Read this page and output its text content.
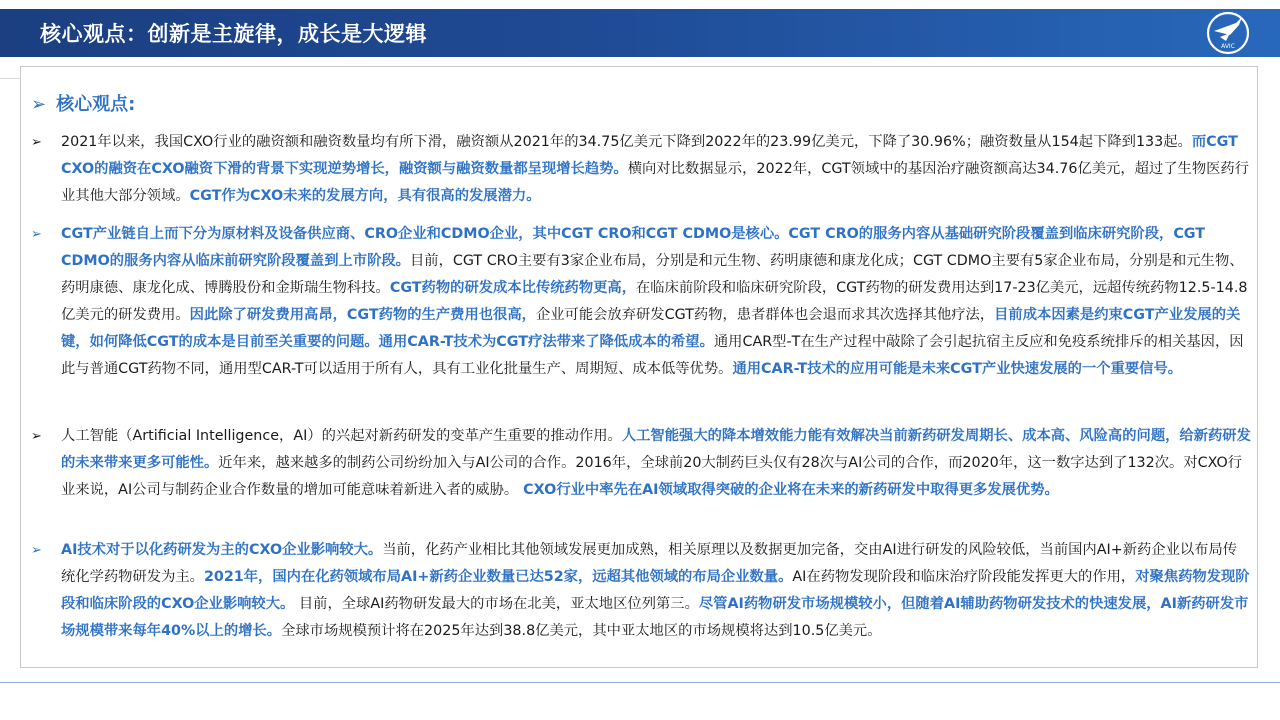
核心观点：创新是主旋律，成长是大逻辑
AVIC
➢ 核心观点:
➢ 2021年以来，我国CXO行业的融资额和融资数量均有所下滑，融资额从2021年的34.75亿美元下降到2022年的23.99亿美元，下降了30.96%；融资数量从154起下降到133起。而CGT CXO的融资在CXO融资下滑的背景下实现逆势增长，融资额与融资数量都呈现增长趋势。横向对比数据显示，2022年，CGT领域中的基因治疗融资额高达34.76亿美元，超过了生物医药行业其他大部分领域。CGT作为CXO未来的发展方向，具有很高的发展潜力。
➢ CGT产业链自上而下分为原材料及设备供应商、CRO企业和CDMO企业，其中CGT CRO和CGT CDMO是核心。CGT CRO的服务内容从基础研究阶段覆盖到临床研究阶段，CGT CDMO的服务内容从临床前研究阶段覆盖到上市阶段。目前，CGT CRO主要有3家企业布局，分别是和元生物、药明康德和康龙化成；CGT CDMO主要有5家企业布局，分别是和元生物、药明康德、康龙化成、博腾股份和金斯瑞生物科技。CGT药物的研发成本比传统药物更高，在临床前阶段和临床研究阶段，CGT药物的研发费用达到17-23亿美元，远超传统药物12.5-14.8亿美元的研发费用。因此除了研发费用高昂，CGT药物的生产费用也很高，企业可能会放弃研发CGT药物，患者群体也会退而求其次选择其他疗法，目前成本因素是约束CGT产业发展的关键，如何降低CGT的成本是目前至关重要的问题。通用CAR-T技术为CGT疗法带来了降低成本的希望。通用CAR型-T在生产过程中敲除了会引起抗宿主反应和免疫系统排斥的相关基因，因此与普通CGT药物不同，通用型CAR-T可以适用于所有人，具有工业化批量生产、周期短、成本低等优势。通用CAR-T技术的应用可能是未来CGT产业快速发展的一个重要信号。
➢ 人工智能（Artificial Intelligence，AI）的兴起对新药研发的变革产生重要的推动作用。人工智能强大的降本增效能力能有效解决当前新药研发周期长、成本高、风险高的问题，给新药研发的未来带来更多可能性。近年来，越来越多的制药公司纷纷加入与AI公司的合作。2016年，全球前20大制药巨头仅有28次与AI公司的合作，而2020年，这一数字达到了132次。对CXO行业来说，AI公司与制药企业合作数量的增加可能意味着新进入者的威胁。 CXO行业中率先在AI领域取得突破的企业将在未来的新药研发中取得更多发展优势。
➢ AI技术对于以化药研发为主的CXO企业影响较大。当前，化药产业相比其他领域发展更加成熟，相关原理以及数据更加完备，交由AI进行研发的风险较低，当前国内AI+新药企业以布局传统化学药物研发为主。2021年，国内在化药领域布局AI+新药企业数量已达52家，远超其他领域的布局企业数量。AI在药物发现阶段和临床治疗阶段能发挥更大的作用，对聚焦药物发现阶段和临床阶段的CXO企业影响较大。 目前，全球AI药物研发最大的市场在北美，亚太地区位列第三。尽管AI药物研发市场规模较小，但随着AI辅助药物研发技术的快速发展，AI新药研发市场规模带来每年40%以上的增长。全球市场规模预计将在2025年达到38.8亿美元，其中亚太地区的市场规模将达到10.5亿美元。
